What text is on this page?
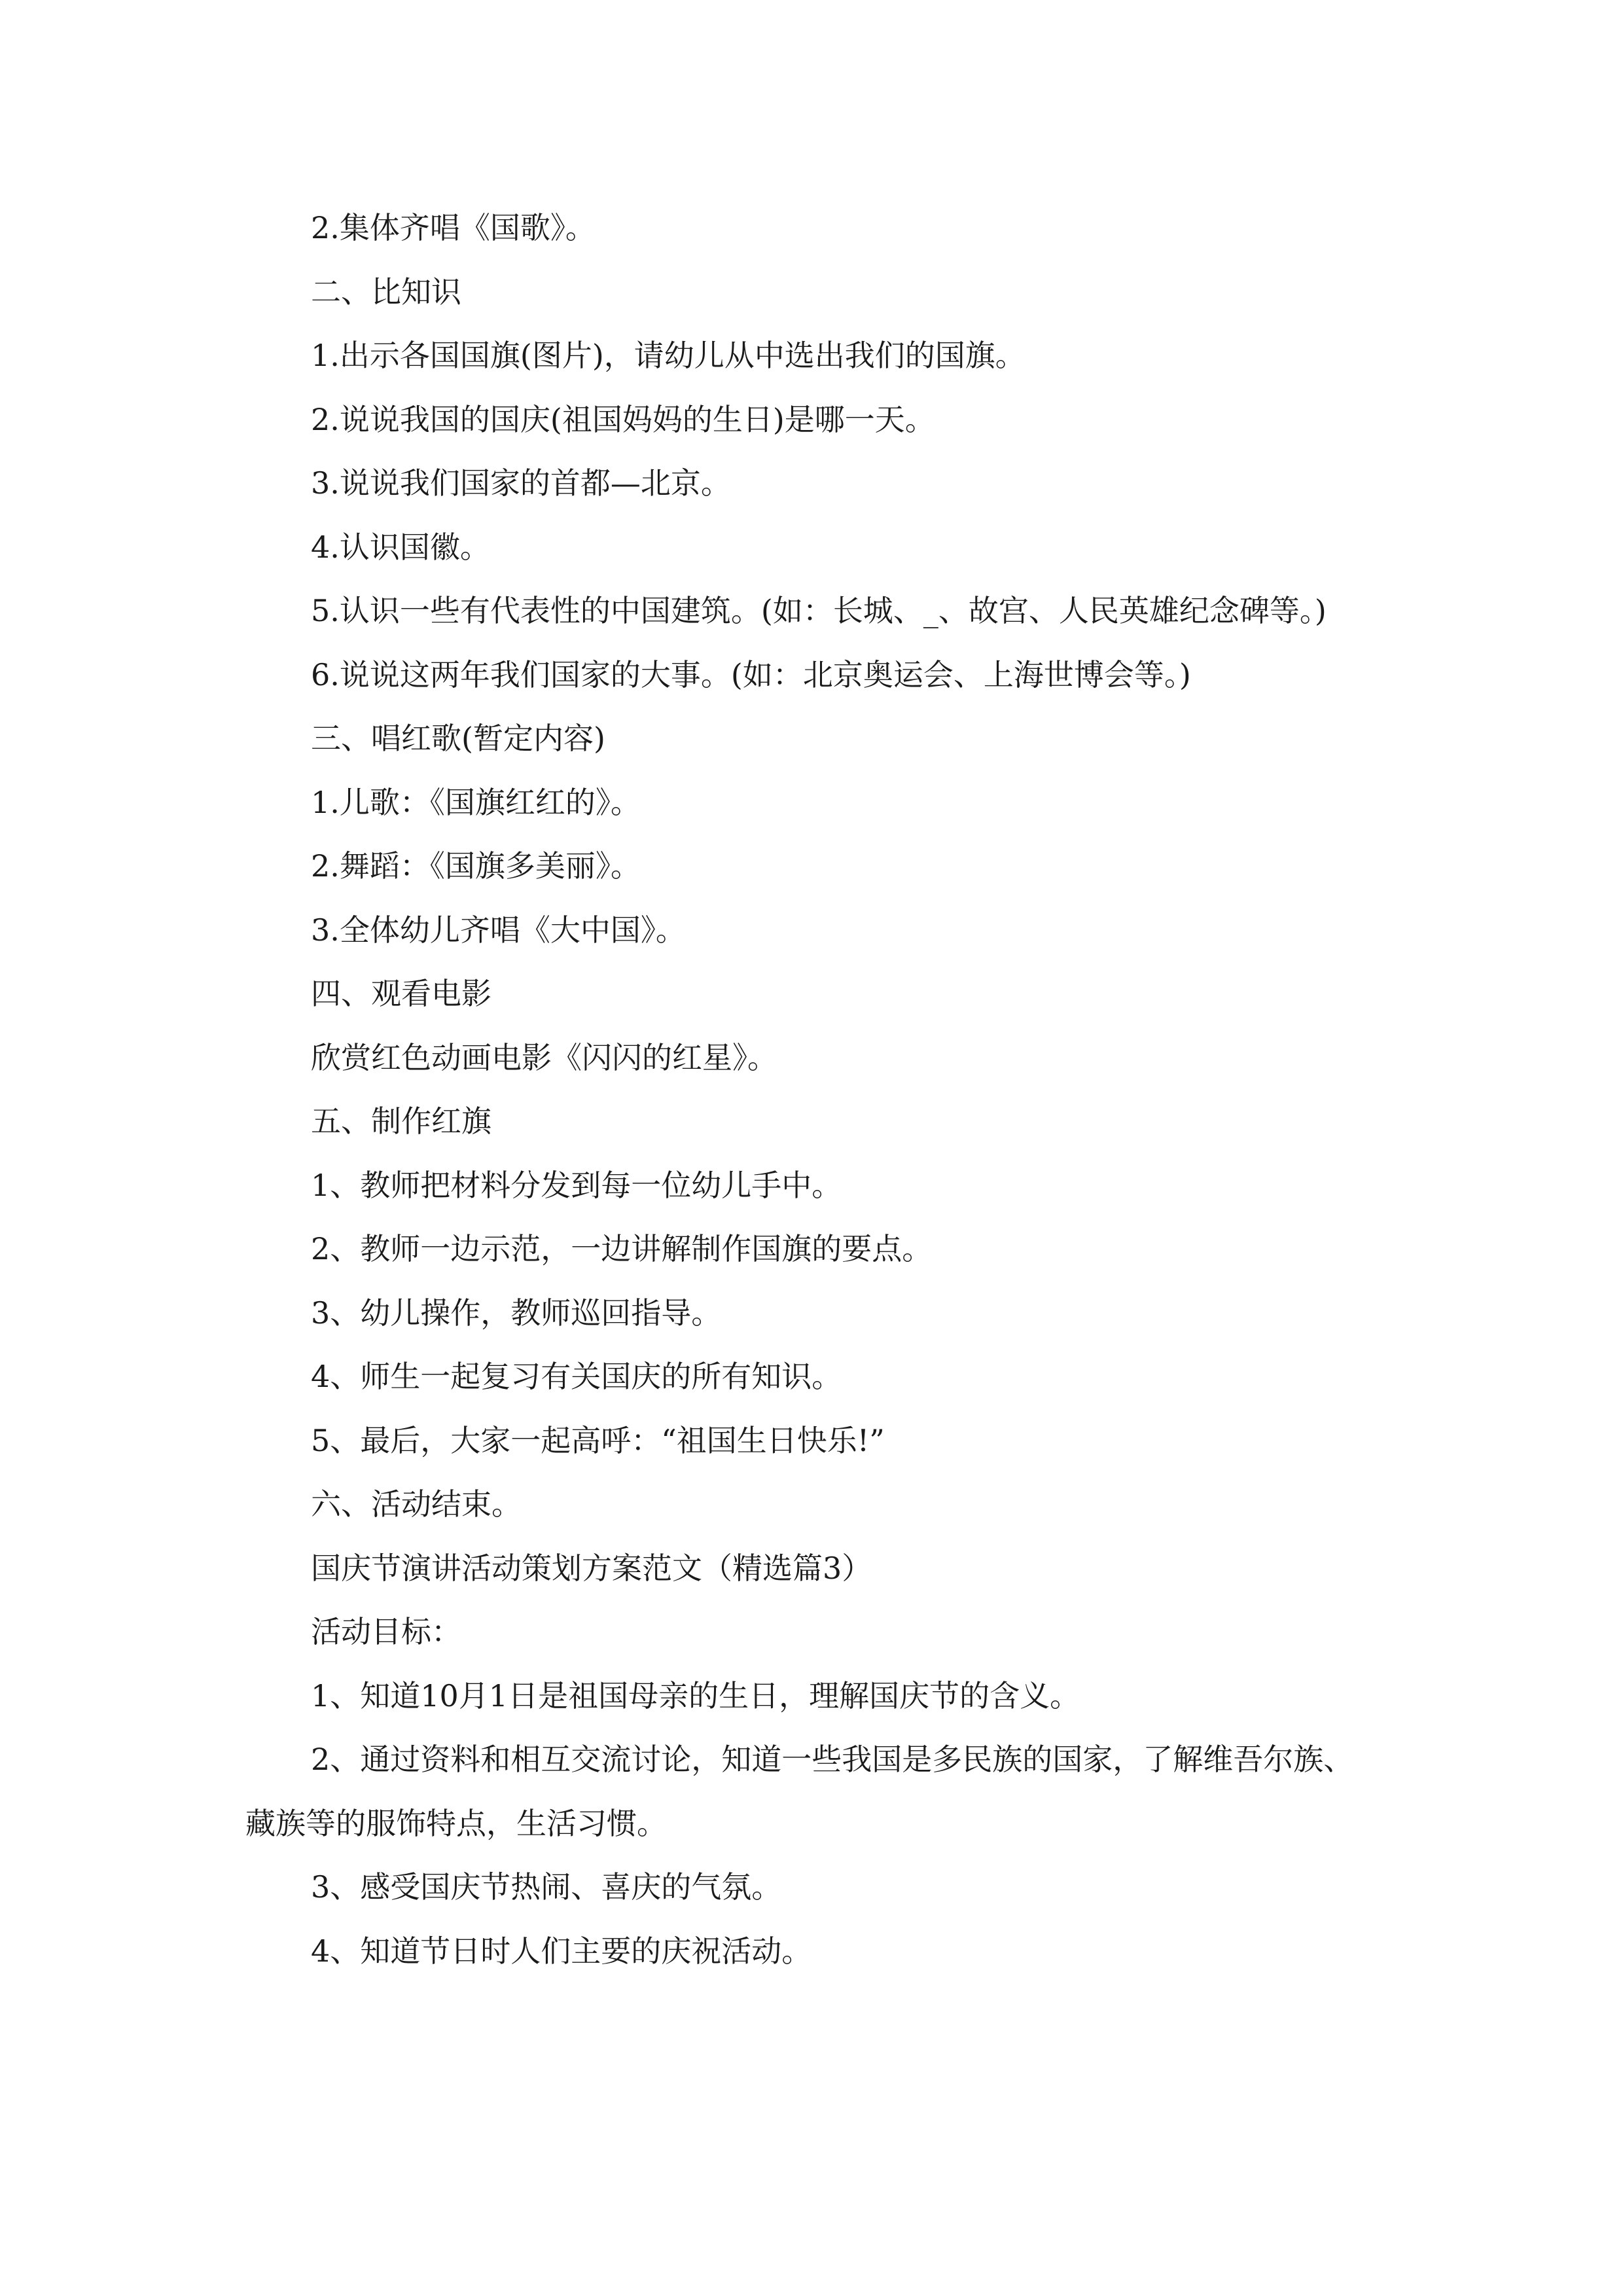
2.集体齐唱《国歌》。

二、比知识

1.出示各国国旗(图片)，请幼儿从中选出我们的国旗。

2.说说我国的国庆(祖国妈妈的生日)是哪一天。

3.说说我们国家的首都—北京。

4.认识国徽。

5.认识一些有代表性的中国建筑。(如：长城、_、故宫、人民英雄纪念碑等。)

6.说说这两年我们国家的大事。(如：北京奥运会、上海世博会等。)

三、唱红歌(暂定内容)

1.儿歌：《国旗红红的》。

2.舞蹈：《国旗多美丽》。

3.全体幼儿齐唱《大中国》。

四、观看电影

欣赏红色动画电影《闪闪的红星》。

五、制作红旗

1、教师把材料分发到每一位幼儿手中。

2、教师一边示范，一边讲解制作国旗的要点。

3、幼儿操作，教师巡回指导。

4、师生一起复习有关国庆的所有知识。

5、最后，大家一起高呼：“祖国生日快乐!”

六、活动结束。

国庆节演讲活动策划方案范文（精选篇3）

活动目标：

1、知道10月1日是祖国母亲的生日，理解国庆节的含义。

2、通过资料和相互交流讨论，知道一些我国是多民族的国家，了解维吾尔族、藏族等的服饰特点，生活习惯。

3、感受国庆节热闹、喜庆的气氛。

4、知道节日时人们主要的庆祝活动。
